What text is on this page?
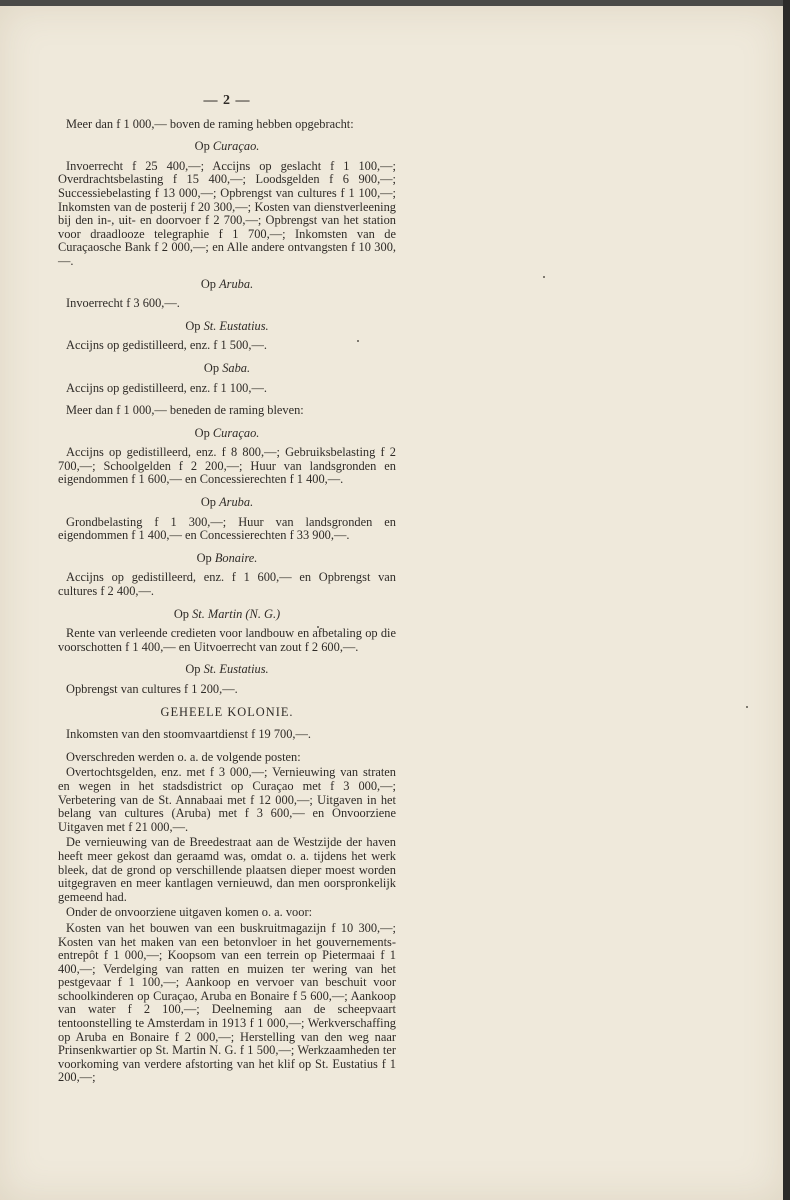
— 2 —

Meer dan f 1 000,— boven de raming hebben opgebracht:

Op Curaçao.

Invoerrecht f 25 400,—; Accijns op geslacht f 1 100,—; Overdrachtsbelasting f 15 400,—; Loodsgelden f 6 900,—; Successiebelasting f 13 000,—; Opbrengst van cultures f 1 100,—; Inkomsten van de posterij f 20 300,—; Kosten van dienstverleening bij den in-, uit- en doorvoer f 2 700,—; Opbrengst van het station voor draadlooze telegraphie f 1 700,—; Inkomsten van de Curaçaosche Bank f 2 000,—; en Alle andere ontvangsten f 10 300,—.

Op Aruba.

Invoerrecht f 3 600,—.

Op St. Eustatius.

Accijns op gedistilleerd, enz. f 1 500,—.

Op Saba.

Accijns op gedistilleerd, enz. f 1 100,—.

Meer dan f 1 000,— beneden de raming bleven:

Op Curaçao.

Accijns op gedistilleerd, enz. f 8 800,—; Gebruiksbelasting f 2 700,—; Schoolgelden f 2 200,—; Huur van landsgronden en eigendommen f 1 600,— en Concessierechten f 1 400,—.

Op Aruba.

Grondbelasting f 1 300,—; Huur van landsgronden en eigendommen f 1 400,— en Concessierechten f 33 900,—.

Op Bonaire.

Accijns op gedistilleerd, enz. f 1 600,— en Opbrengst van cultures f 2 400,—.

Op St. Martin (N. G.)

Rente van verleende credieten voor landbouw en afbetaling op die voorschotten f 1 400,— en Uitvoerrecht van zout f 2 600,—.

Op St. Eustatius.

Opbrengst van cultures f 1 200,—.

GEHEELE KOLONIE.

Inkomsten van den stoomvaartdienst f 19 700,—.

Overschreden werden o. a. de volgende posten:

Overtochtsgelden, enz. met f 3 000,—; Vernieuwing van straten en wegen in het stadsdistrict op Curaçao met f 3 000,—; Verbetering van de St. Annabaai met f 12 000,—; Uitgaven in het belang van cultures (Aruba) met f 3 600,— en Onvoorziene Uitgaven met f 21 000,—.

De vernieuwing van de Breedestraat aan de Westzijde der haven heeft meer gekost dan geraamd was, omdat o. a. tijdens het werk bleek, dat de grond op verschillende plaatsen dieper moest worden uitgegraven en meer kantlagen vernieuwd, dan men oorspronkelijk gemeend had.

Onder de onvoorziene uitgaven komen o. a. voor:

Kosten van het bouwen van een buskruitmagazijn f 10 300,—; Kosten van het maken van een betonvloer in het gouvernements-entrepôt f 1 000,—; Koopsom van een terrein op Pietermaai f 1 400,—; Verdelging van ratten en muizen ter wering van het pestgevaar f 1 100,—; Aankoop en vervoer van beschuit voor schoolkinderen op Curaçao, Aruba en Bonaire f 5 600,—; Aankoop van water f 2 100,—; Deelneming aan de scheepvaart tentoonstelling te Amsterdam in 1913 f 1 000,—; Werkverschaffing op Aruba en Bonaire f 2 000,—; Herstelling van den weg naar Prinsenkwartier op St. Martin N. G. f 1 500,—; Werkzaamheden ter voorkoming van verdere afstorting van het klif op St. Eustatius f 1 200,—;
